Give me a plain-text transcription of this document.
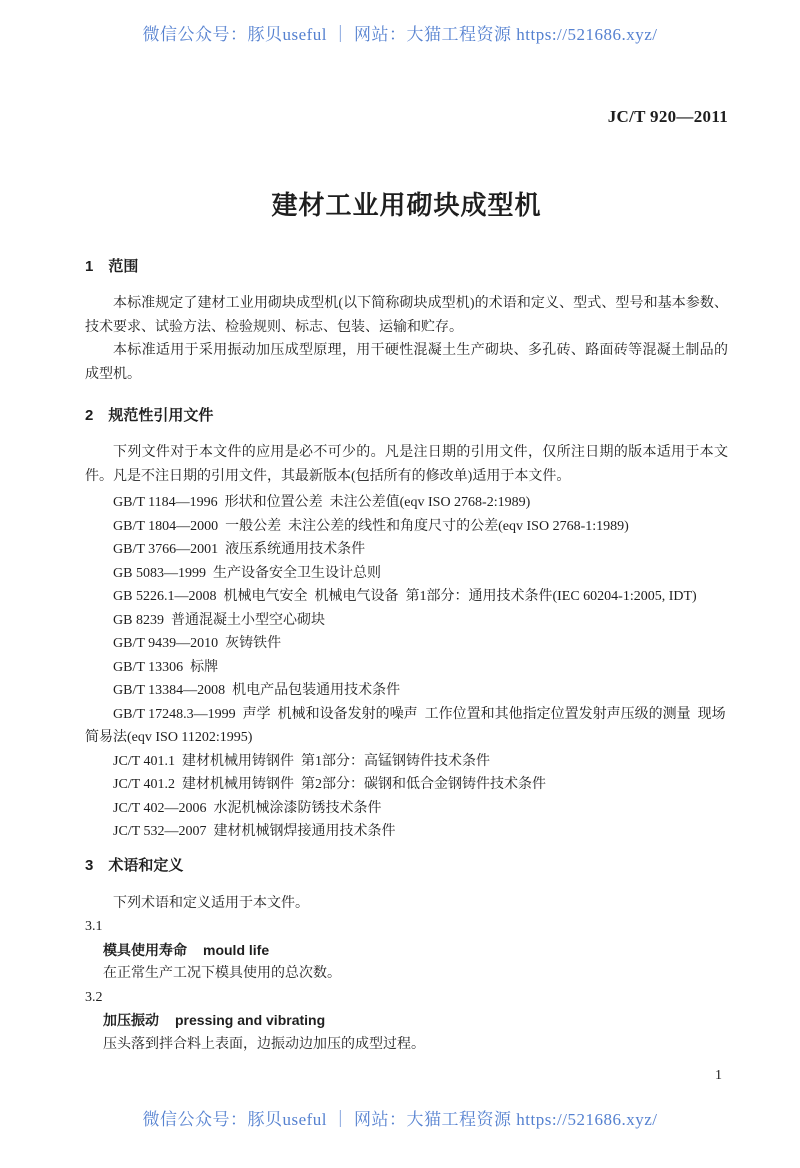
微信公众号：豚贝useful ｜ 网站：大猫工程资源 https://521686.xyz/
JC/T 920—2011
建材工业用砌块成型机
1　范围

本标准规定了建材工业用砌块成型机(以下简称砌块成型机)的术语和定义、型式、型号和基本参数、技术要求、试验方法、检验规则、标志、包装、运输和贮存。

本标准适用于采用振动加压成型原理，用干硬性混凝土生产砌块、多孔砖、路面砖等混凝土制品的成型机。

2　规范性引用文件

下列文件对于本文件的应用是必不可少的。凡是注日期的引用文件，仅所注日期的版本适用于本文件。凡是不注日期的引用文件，其最新版本(包括所有的修改单)适用于本文件。

GB/T 1184—1996  形状和位置公差  未注公差值(eqv ISO 2768-2:1989)
GB/T 1804—2000  一般公差  未注公差的线性和角度尺寸的公差(eqv ISO 2768-1:1989)
GB/T 3766—2001  液压系统通用技术条件
GB 5083—1999  生产设备安全卫生设计总则
GB 5226.1—2008  机械电气安全  机械电气设备  第1部分：通用技术条件(IEC 60204-1:2005, IDT)
GB 8239  普通混凝土小型空心砌块
GB/T 9439—2010  灰铸铁件
GB/T 13306  标牌
GB/T 13384—2008  机电产品包装通用技术条件
GB/T 17248.3—1999  声学  机械和设备发射的噪声  工作位置和其他指定位置发射声压级的测量  现场简易法(eqv ISO 11202:1995)
JC/T 401.1  建材机械用铸钢件  第1部分：高锰钢铸件技术条件
JC/T 401.2  建材机械用铸钢件  第2部分：碳钢和低合金钢铸件技术条件
JC/T 402—2006  水泥机械涂漆防锈技术条件
JC/T 532—2007  建材机械钢焊接通用技术条件
3　术语和定义

下列术语和定义适用于本文件。

3.1
模具使用寿命 mould life
在正常生产工况下模具使用的总次数。
3.2
加压振动 pressing and vibrating
压头落到拌合料上表面，边振动边加压的成型过程。
1
微信公众号：豚贝useful ｜ 网站：大猫工程资源 https://521686.xyz/
